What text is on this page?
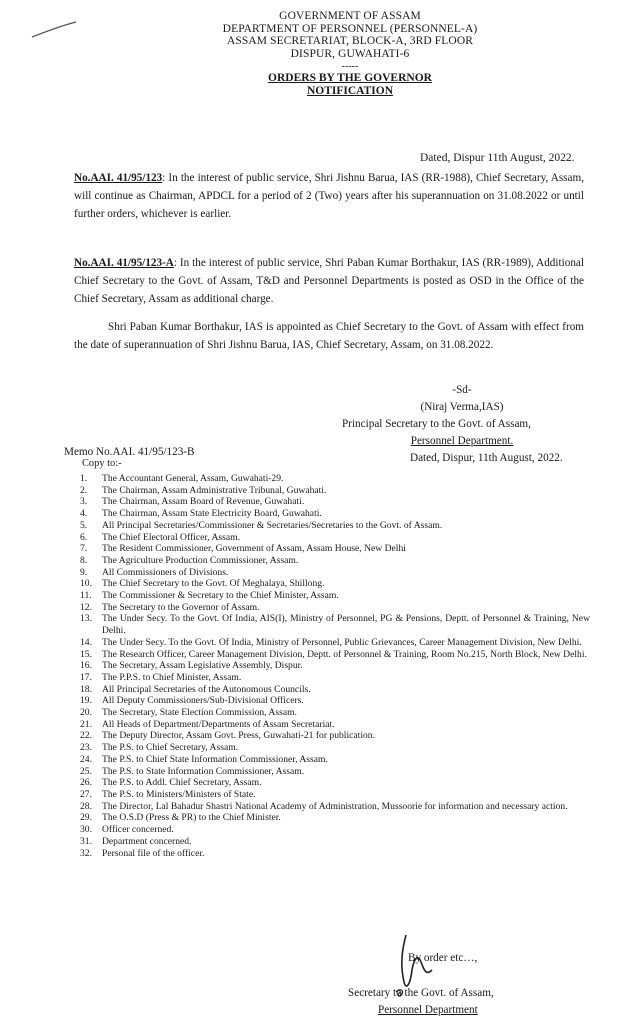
GOVERNMENT OF ASSAM
DEPARTMENT OF PERSONNEL (PERSONNEL-A)
ASSAM SECRETARIAT, BLOCK-A, 3RD FLOOR
DISPUR, GUWAHATI-6
-----
ORDERS BY THE GOVERNOR
NOTIFICATION
Dated, Dispur 11th August, 2022.
No.AAI. 41/95/123: In the interest of public service, Shri Jishnu Barua, IAS (RR-1988), Chief Secretary, Assam, will continue as Chairman, APDCL for a period of 2 (Two) years after his superannuation on 31.08.2022 or until further orders, whichever is earlier.
No.AAI. 41/95/123-A: In the interest of public service, Shri Paban Kumar Borthakur, IAS (RR-1989), Additional Chief Secretary to the Govt. of Assam, T&D and Personnel Departments is posted as OSD in the Office of the Chief Secretary, Assam as additional charge.
Shri Paban Kumar Borthakur, IAS is appointed as Chief Secretary to the Govt. of Assam with effect from the date of superannuation of Shri Jishnu Barua, IAS, Chief Secretary, Assam, on 31.08.2022.
-Sd-
(Niraj Verma,IAS)
Principal Secretary to the Govt. of Assam,
Personnel Department.
Dated, Dispur, 11th August, 2022.
Memo No.AAI. 41/95/123-B
Copy to:-
1.	The Accountant General, Assam, Guwahati-29.
2.	The Chairman, Assam Administrative Tribunal, Guwahati.
3.	The Chairman, Assam Board of Revenue, Guwahati.
4.	The Chairman, Assam State Electricity Board, Guwahati.
5.	All Principal Secretaries/Commissioner & Secretaries/Secretaries to the Govt. of Assam.
6.	The Chief Electoral Officer, Assam.
7.	The Resident Commissioner, Government of Assam, Assam House, New Delhi
8.	The Agriculture Production Commissioner, Assam.
9.	All Commissioners of Divisions.
10.	The Chief Secretary to the Govt. Of Meghalaya, Shillong.
11.	The Commissioner & Secretary to the Chief Minister, Assam.
12.	The Secretary to the Governor of Assam.
13.	The Under Secy. To the Govt. Of India, AIS(I), Ministry of Personnel, PG & Pensions, Deptt. of Personnel & Training, New Delhi.
14.	The Under Secy. To the Govt. Of India, Ministry of Personnel, Public Grievances, Career Management Division, New Delhi.
15.	The Research Officer, Career Management Division, Deptt. of Personnel & Training, Room No.215, North Block, New Delhi.
16.	The Secretary, Assam Legislative Assembly, Dispur.
17.	The P.P.S. to Chief Minister, Assam.
18.	All Principal Secretaries of the Autonomous Councils.
19.	All Deputy Commissioners/Sub-Divisional Officers.
20.	The Secretary, State Election Commission, Assam.
21.	All Heads of Department/Departments of Assam Secretariat.
22.	The Deputy Director, Assam Govt. Press, Guwahati-21 for publication.
23.	The P.S. to Chief Secretary, Assam.
24.	The P.S. to Chief State Information Commissioner, Assam.
25.	The P.S. to State Information Commissioner, Assam.
26.	The P.S. to Addl. Chief Secretary, Assam.
27.	The P.S. to Ministers/Ministers of State.
28.	The Director, Lal Bahadur Shastri National Academy of Administration, Mussoorie for information and necessary action.
29.	The O.S.D (Press & PR) to the Chief Minister.
30.	Officer concerned.
31.	Department concerned.
32.	Personal file of the officer.
By order etc…,
Secretary to the Govt. of Assam,
Personnel Department
